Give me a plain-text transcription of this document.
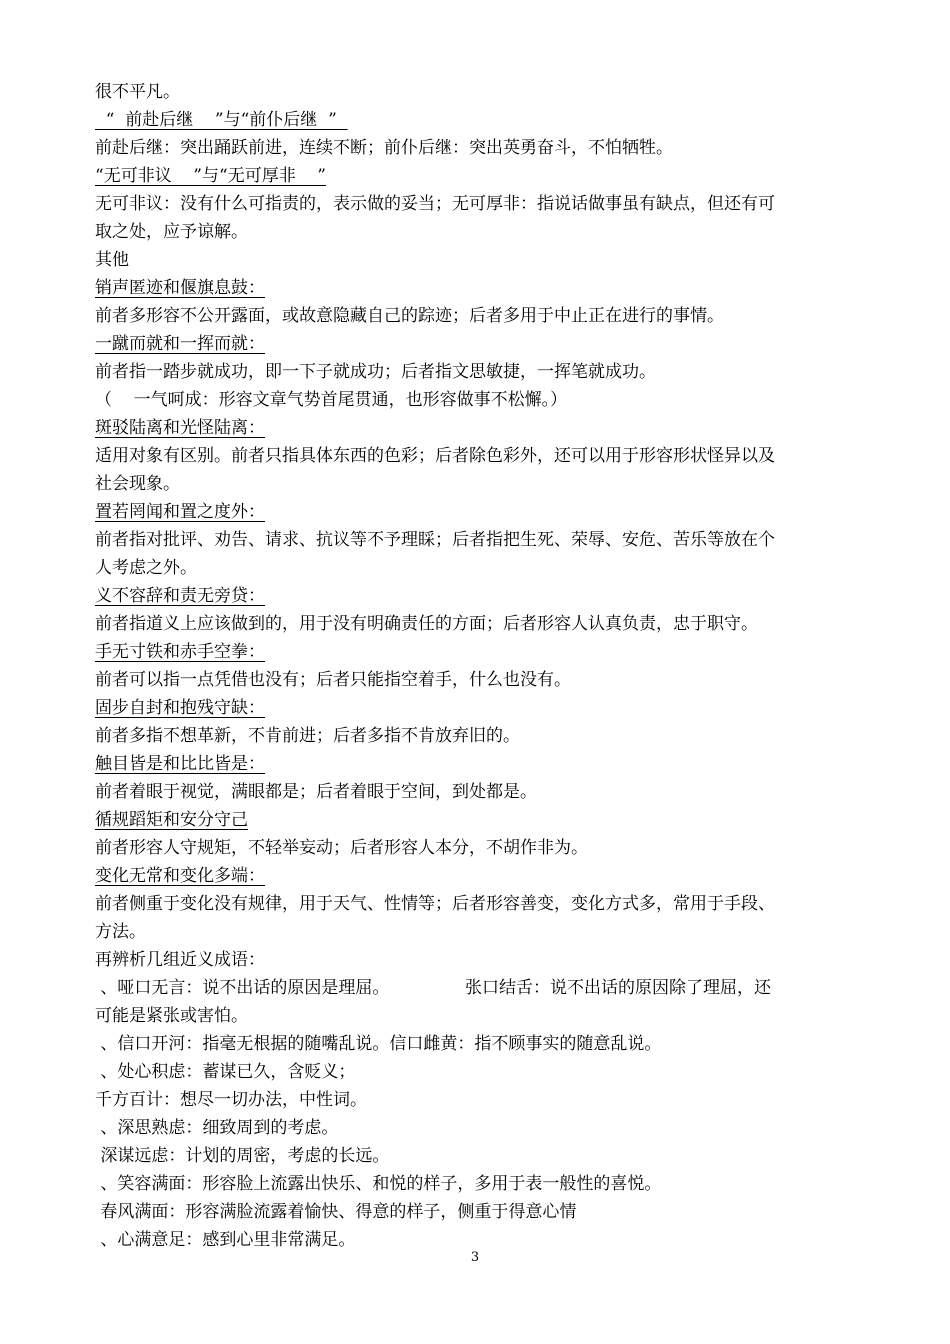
很不平凡。
“  前赴后继    ”与“前仆后继  ”
前赴后继：突出踊跃前进，连续不断；前仆后继：突出英勇奋斗，不怕牺牲。
“无可非议    ”与“无可厚非    ”
无可非议：没有什么可指责的，表示做的妥当；无可厚非：指说话做事虽有缺点，但还有可
取之处，应予谅解。
其他
销声匿迹和偃旗息鼓：
前者多形容不公开露面，或故意隐藏自己的踪迹；后者多用于中止正在进行的事情。
一蹴而就和一挥而就：
前者指一踏步就成功，即一下子就成功；后者指文思敏捷，一挥笔就成功。
（    一气呵成：形容文章气势首尾贯通，也形容做事不松懈。）
斑驳陆离和光怪陆离：
适用对象有区别。前者只指具体东西的色彩；后者除色彩外，还可以用于形容形状怪异以及
社会现象。
置若罔闻和置之度外：
前者指对批评、劝告、请求、抗议等不予理睬；后者指把生死、荣辱、安危、苦乐等放在个
人考虑之外。
义不容辞和责无旁贷：
前者指道义上应该做到的，用于没有明确责任的方面；后者形容人认真负责，忠于职守。
手无寸铁和赤手空拳：
前者可以指一点凭借也没有；后者只能指空着手，什么也没有。
固步自封和抱残守缺：
前者多指不想革新，不肯前进；后者多指不肯放弃旧的。
触目皆是和比比皆是：
前者着眼于视觉，满眼都是；后者着眼于空间，到处都是。
循规蹈矩和安分守己
前者形容人守规矩，不轻举妄动；后者形容人本分，不胡作非为。
变化无常和变化多端：
前者侧重于变化没有规律，用于天气、性情等；后者形容善变，变化方式多，常用于手段、
方法。
再辨析几组近义成语：
、哑口无言：说不出话的原因是理屈。              张口结舌：说不出话的原因除了理屈，还
可能是紧张或害怕。
、信口开河：指毫无根据的随嘴乱说。信口雌黄：指不顾事实的随意乱说。
、处心积虑：蓄谋已久，含贬义；
千方百计：想尽一切办法，中性词。
、深思熟虑：细致周到的考虑。
深谋远虑：计划的周密，考虑的长远。
、笑容满面：形容脸上流露出快乐、和悦的样子，多用于表一般性的喜悦。
春风满面：形容满脸流露着愉快、得意的样子，侧重于得意心情
、心满意足：感到心里非常满足。
3
